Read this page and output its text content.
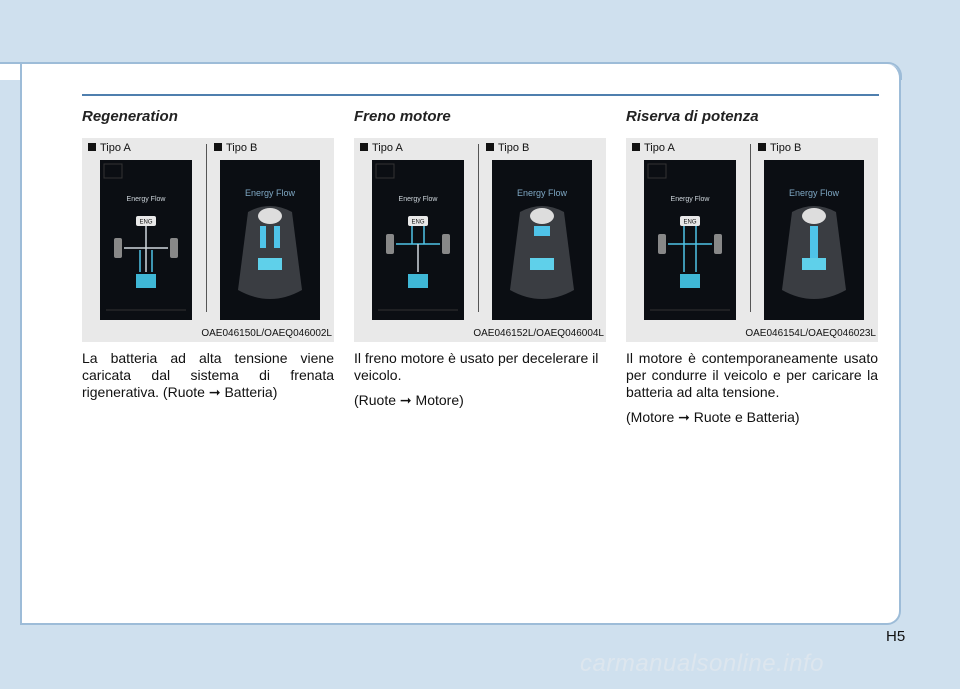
Regeneration
Tipo A	Tipo B
ENG
Energy Flow
Energy Flow
OAE046150L/OAEQ046002L

La batteria ad alta tensione viene caricata dal sistema di frenata rigenerativa. (Ruote ➞ Batteria)

Freno motore
Tipo A	Tipo B
ENG
Energy Flow
Energy Flow
OAE046152L/OAEQ046004L

Il freno motore è usato per decelerare il veicolo.

(Ruote ➞ Motore)

Riserva di potenza
Tipo A	Tipo B
ENG
Energy Flow
Energy Flow
OAE046154L/OAEQ046023L

Il motore è contemporaneamente usato per condurre il veicolo e per caricare la batteria ad alta tensione.

(Motore ➞ Ruote e Batteria)

H5
carmanualsonline.info
